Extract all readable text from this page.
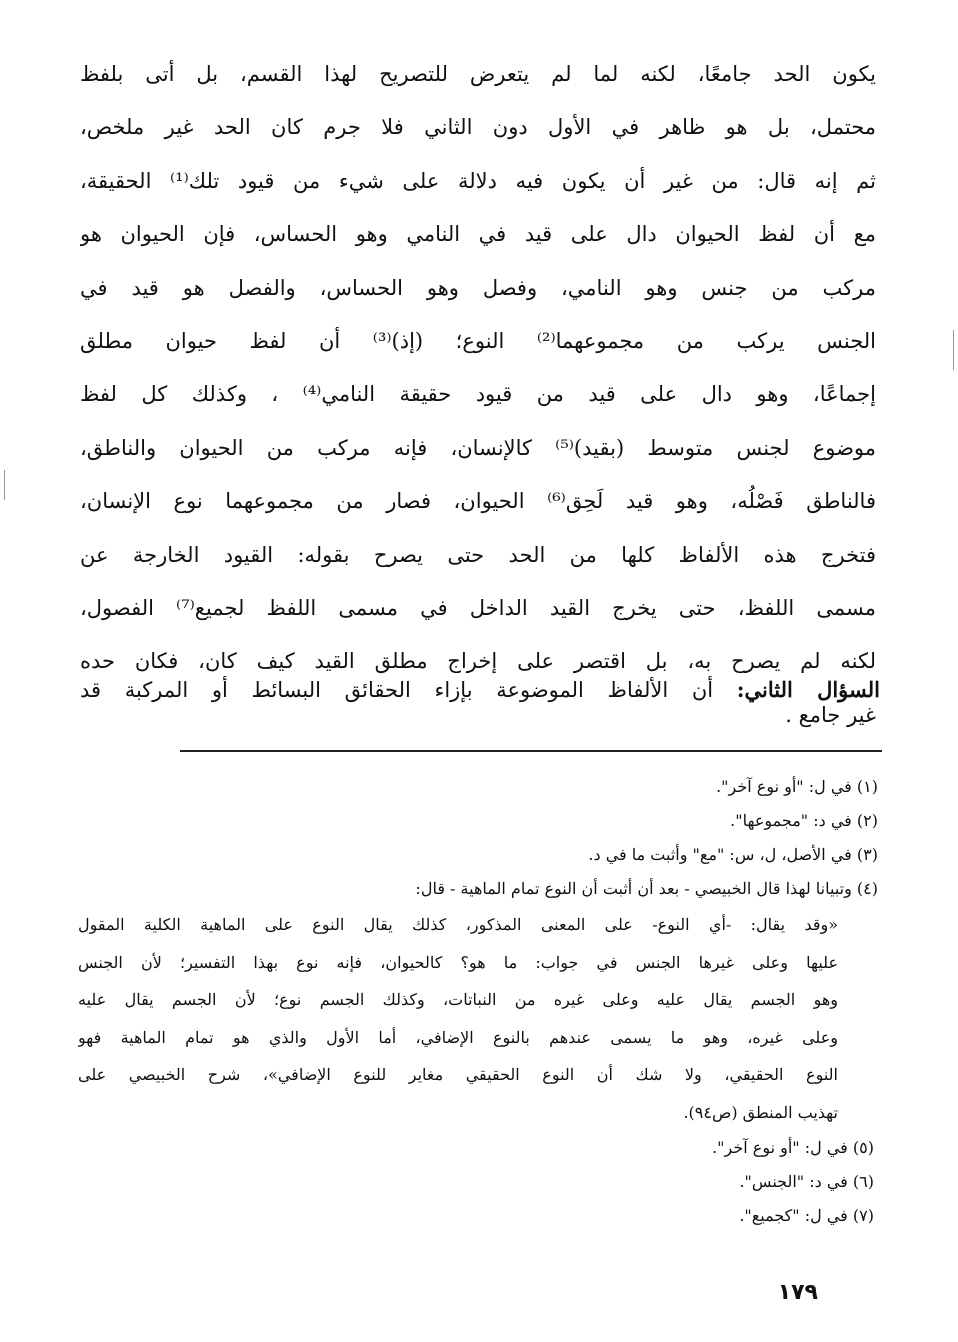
يكون الحد جامعًا، لكنه لما لم يتعرض للتصريح لهذا القسم، بل أتى بلفظ
محتمل، بل هو ظاهر في الأول دون الثاني فلا جرم كان الحد غير ملخص،
ثم إنه قال: من غير أن يكون فيه دلالة على شيء من قيود تلك⁽¹⁾ الحقيقة،
مع أن لفظ الحيوان دال على قيد في النامي وهو الحساس، فإن الحيوان هو
مركب من جنس وهو النامي، وفصل وهو الحساس، والفصل هو قيد في
الجنس يركب من مجموعهما⁽²⁾ النوع؛ (إذ)⁽³⁾ أن لفظ حيوان مطلق
إجماعًا، وهو دال على قيد من قيود حقيقة النامي⁽⁴⁾ ، وكذلك كل لفظ
موضوع لجنس متوسط (بقيد)⁽⁵⁾ كالإنسان، فإنه مركب من الحيوان والناطق،
فالناطق فَصْلُه، وهو قيد لَحِق⁽⁶⁾ الحيوان، فصار من مجموعهما نوع الإنسان،
فتخرج هذه الألفاظ كلها من الحد حتى يصرح بقوله: القيود الخارجة عن
مسمى اللفظ، حتى يخرج القيد الداخل في مسمى اللفظ لجميع⁽⁷⁾ الفصول،
لكنه لم يصرح به، بل اقتصر على إخراج مطلق القيد كيف كان، فكان حده
غير جامع .
السؤال الثاني: أن الألفاظ الموضوعة بإزاء الحقائق البسائط أو المركبة قد
(١) في ل: "أو نوع آخر".
(٢) في د: "مجموعها".
(٣) في الأصل، ل، س: "مع" وأثبت ما في د.
(٤) وتبيانا لهذا قال الخبيصي - بعد أن أثبت أن النوع تمام الماهية - قال:
«وقد يقال: -أي النوع- على المعنى المذكور، كذلك يقال النوع على الماهية الكلية المقول
عليها وعلى غيرها الجنس في جواب: ما هو؟ كالحيوان، فإنه نوع بهذا التفسير؛ لأن الجنس
وهو الجسم يقال عليه وعلى غيره من النباتات، وكذلك الجسم نوع؛ لأن الجسم يقال عليه
وعلى غيره، وهو ما يسمى عندهم بالنوع الإضافي، أما الأول والذي هو تمام الماهية فهو
النوع الحقيقي، ولا شك أن النوع الحقيقي مغاير للنوع الإضافي»، شرح الخبيصي على
تهذيب المنطق (ص٩٤).
(٥) في ل: "أو نوع آخر".
(٦) في د: "الجنس".
(٧) في ل: "كجميع".
١٧٩
